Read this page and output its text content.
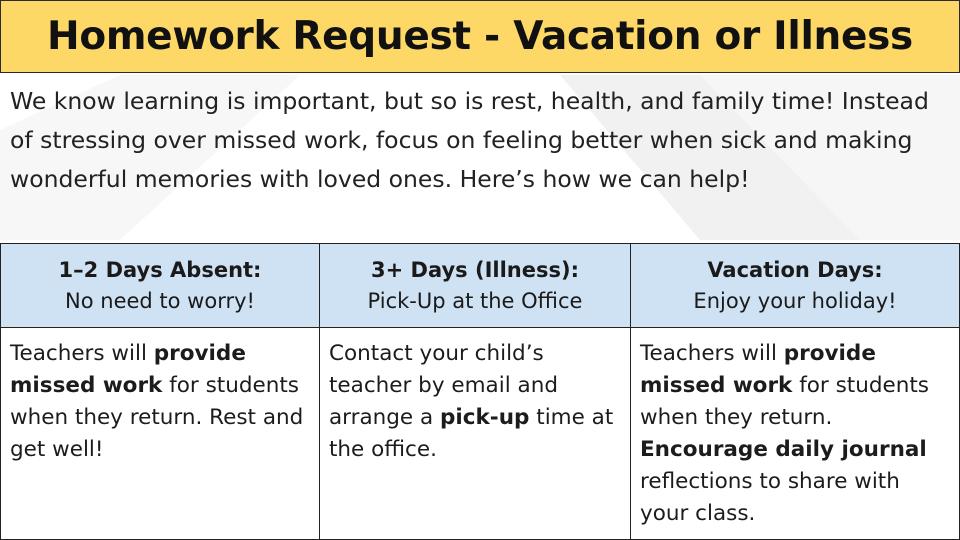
Homework Request - Vacation or Illness

We know learning is important, but so is rest, health, and family time! Instead of stressing over missed work, focus on feeling better when sick and making wonderful memories with loved ones. Here’s how we can help!

1–2 Days Absent:
No need to worry!
3+ Days (Illness):
Pick-Up at the Office
Vacation Days:
Enjoy your holiday!
Teachers will provide missed work for students when they return. Rest and get well!
Contact your child’s teacher by email and arrange a pick-up time at the office.
Teachers will provide missed work for students when they return. Encourage daily journal reflections to share with your class.
